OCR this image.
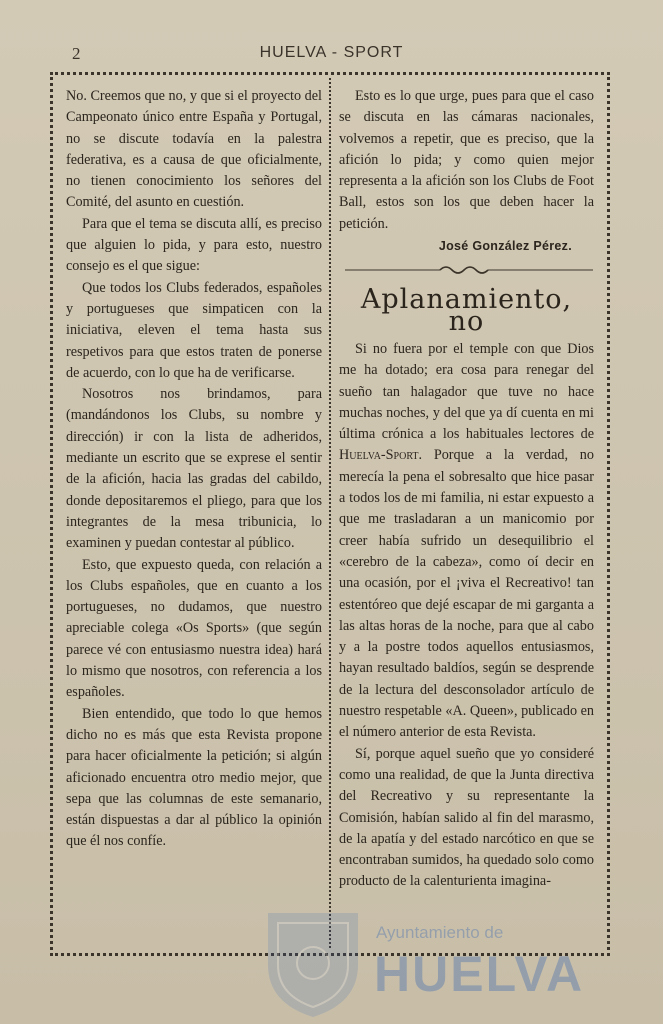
2	HUELVA - SPORT

No. Creemos que no, y que si el proyecto del Campeonato único entre España y Portugal, no se discute todavía en la palestra federativa, es a causa de que oficialmente, no tienen conocimiento los señores del Comité, del asunto en cuestión.

Para que el tema se discuta allí, es preciso que alguien lo pida, y para esto, nuestro consejo es el que sigue:

Que todos los Clubs federados, españoles y portugueses que simpaticen con la iniciativa, eleven el tema hasta sus respetivos para que estos traten de ponerse de acuerdo, con lo que ha de verificarse.

Nosotros nos brindamos, para (mandándonos los Clubs, su nombre y dirección) ir con la lista de adheridos, mediante un escrito que se exprese el sentir de la afición, hacia las gradas del cabildo, donde depositaremos el pliego, para que los integrantes de la mesa tribunicia, lo examinen y puedan contestar al público.

Esto, que expuesto queda, con relación a los Clubs españoles, que en cuanto a los portugueses, no dudamos, que nuestro apreciable colega «Os Sports» (que según parece vé con entusiasmo nuestra idea) hará lo mismo que nosotros, con referencia a los españoles.

Bien entendido, que todo lo que hemos dicho no es más que esta Revista propone para hacer oficialmente la petición; si algún aficionado encuentra otro medio mejor, que sepa que las columnas de este semanario, están dispuestas a dar al público la opinión que él nos confíe.

Esto es lo que urge, pues para que el caso se discuta en las cámaras nacionales, volvemos a repetir, que es preciso, que la afición lo pida; y como quien mejor representa a la afición son los Clubs de Foot Ball, estos son los que deben hacer la petición.

José González Pérez.
Aplanamiento, no

Si no fuera por el temple con que Dios me ha dotado; era cosa para renegar del sueño tan halagador que tuve no hace muchas noches, y del que ya dí cuenta en mi última crónica a los habituales lectores de Huelva-Sport. Porque a la verdad, no merecía la pena el sobresalto que hice pasar a todos los de mi familia, ni estar expuesto a que me trasladaran a un manicomio por creer había sufrido un desequilibrio el «cerebro de la cabeza», como oí decir en una ocasión, por el ¡viva el Recreativo! tan estentóreo que dejé escapar de mi garganta a las altas horas de la noche, para que al cabo y a la postre todos aquellos entusiasmos, hayan resultado baldíos, según se desprende de la lectura del desconsolador artículo de nuestro respetable «A. Queen», publicado en el número anterior de esta Revista.

Sí, porque aquel sueño que yo consideré como una realidad, de que la Junta directiva del Recreativo y su representante la Comisión, habían salido al fin del marasmo, de la apatía y del estado narcótico en que se encontraban sumidos, ha quedado solo como producto de la calenturienta imagina-

Ayuntamiento de
HUELVA
